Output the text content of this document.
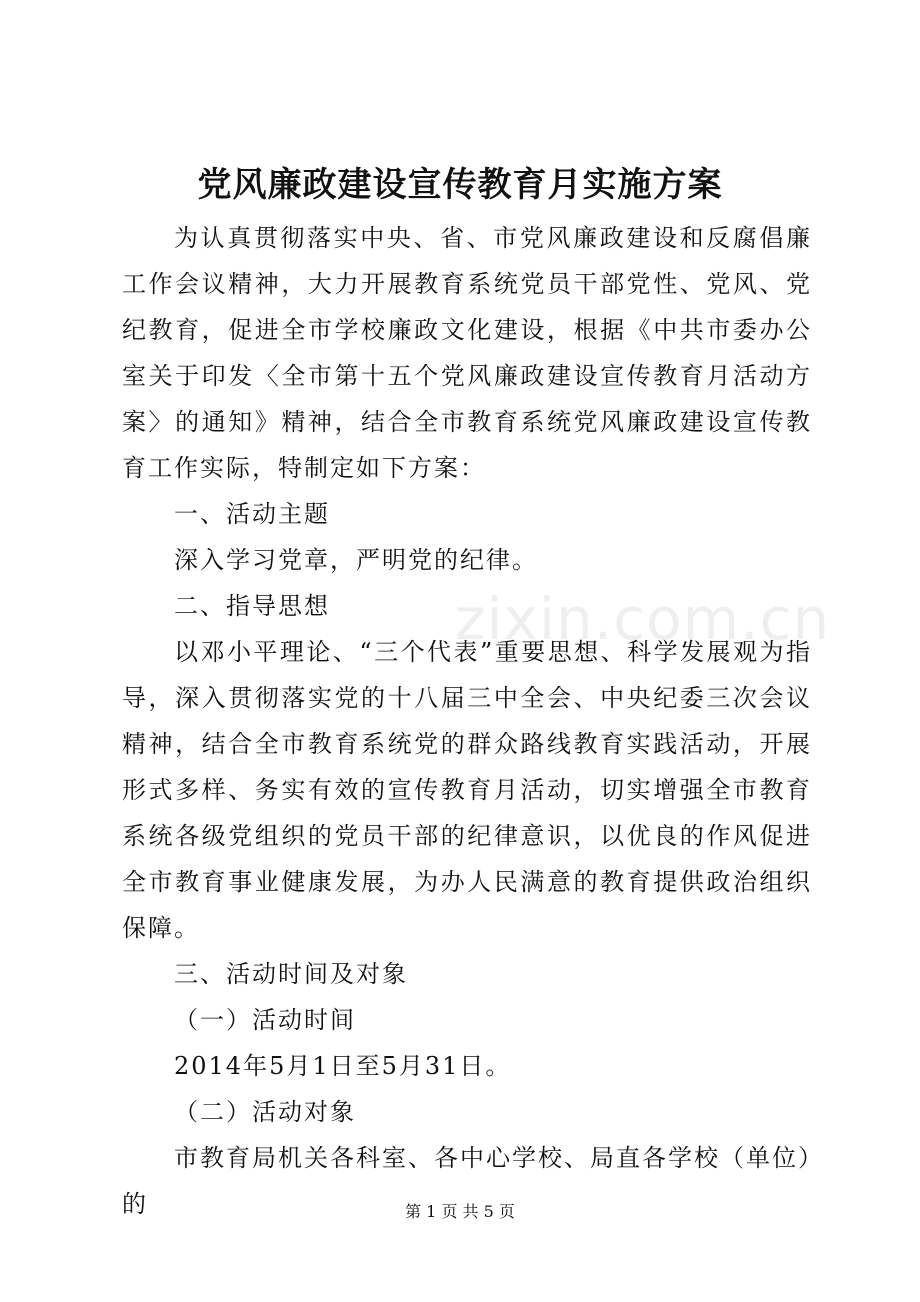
zixin.com.cn
党风廉政建设宣传教育月实施方案

为认真贯彻落实中央、省、市党风廉政建设和反腐倡廉工作会议精神，大力开展教育系统党员干部党性、党风、党纪教育，促进全市学校廉政文化建设，根据《中共市委办公室关于印发〈全市第十五个党风廉政建设宣传教育月活动方案〉的通知》精神，结合全市教育系统党风廉政建设宣传教育工作实际，特制定如下方案：

一、活动主题

深入学习党章，严明党的纪律。

二、指导思想

以邓小平理论、“三个代表”重要思想、科学发展观为指导，深入贯彻落实党的十八届三中全会、中央纪委三次会议精神，结合全市教育系统党的群众路线教育实践活动，开展形式多样、务实有效的宣传教育月活动，切实增强全市教育系统各级党组织的党员干部的纪律意识，以优良的作风促进全市教育事业健康发展，为办人民满意的教育提供政治组织保障。

三、活动时间及对象

（一）活动时间

2014年5月1日至5月31日。

（二）活动对象

市教育局机关各科室、各中心学校、局直各学校（单位）的	第 1 页 共 5 页
